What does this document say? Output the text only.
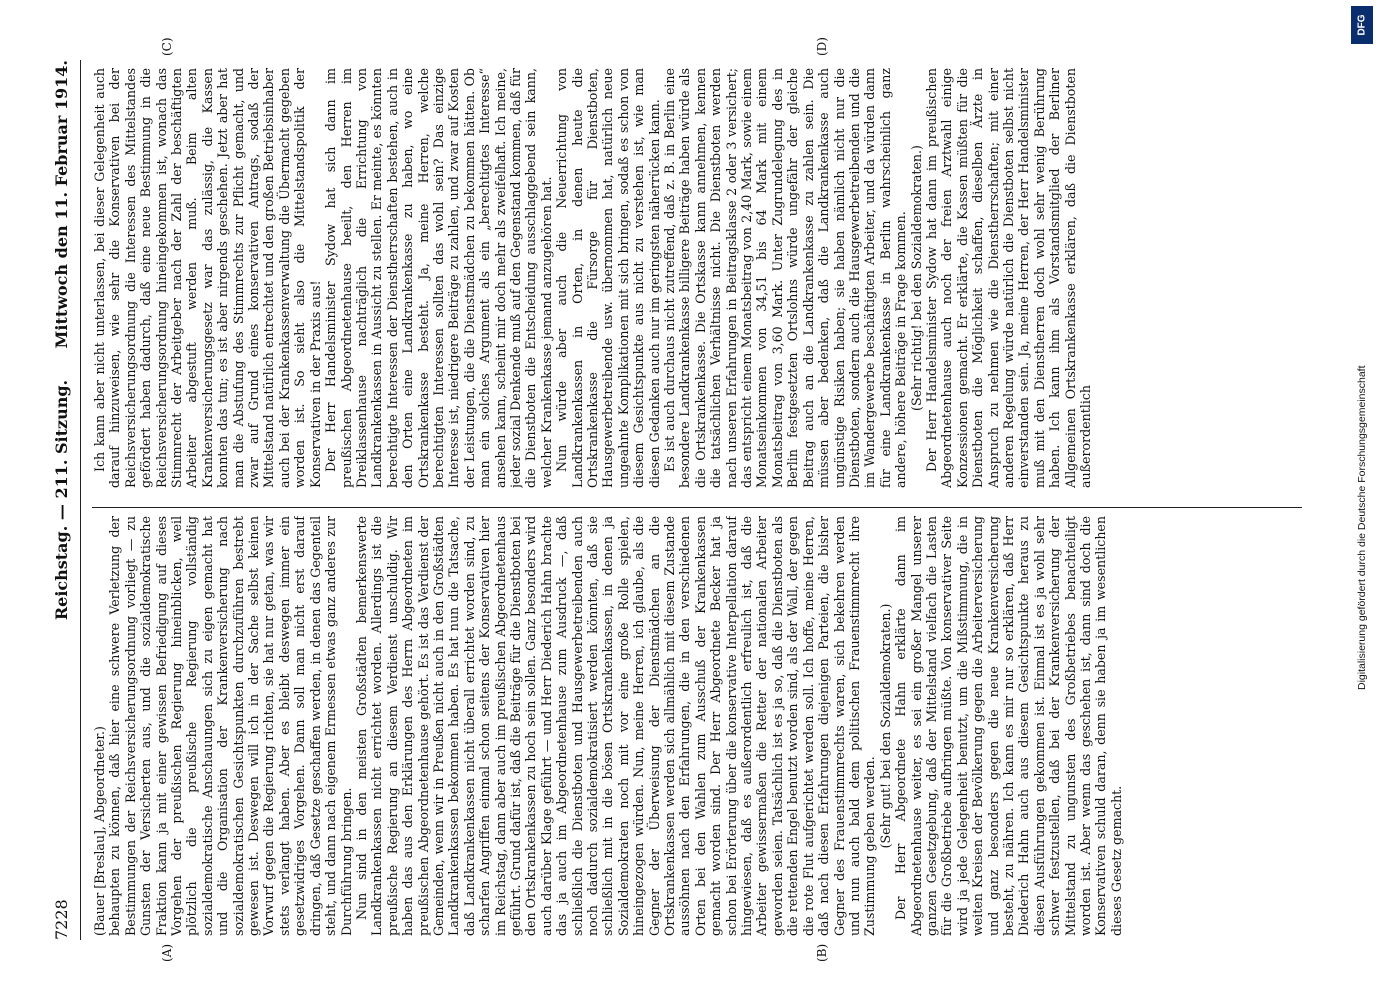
7228
Reichstag. — 211. Sitzung.
Mittwoch den 11. Februar 1914.
(A)	(B)
(C)	(D)

(Bauer [Breslau], Abgeordneter.) behaupten zu können, daß hier eine schwere Verletzung der Bestimmungen der Reichsversicherungsordnung vorliegt — zu Gunsten der Versicherten aus, und die sozialdemokratische Fraktion kann ja mit einer gewissen Befriedigung auf dieses Vorgehen der preußischen Regierung hineinblicken, weil plötzlich die preußische Regierung vollständig sozialdemokratische Anschauungen sich zu eigen gemacht hat und die Organisation der Krankenversicherung nach sozialdemokratischen Gesichtspunkten durchzuführen bestrebt gewesen ist. Deswegen will ich in der Sache selbst keinen Vorwurf gegen die Regierung richten, sie hat nur getan, was wir stets verlangt haben. Aber es bleibt deswegen immer ein gesetzwidriges Vorgehen. Dann soll man nicht erst darauf dringen, daß Gesetze geschaffen werden, in denen das Gegenteil steht, und dann nach eigenem Ermessen etwas ganz anderes zur Durchführung bringen. Nun sind in den meisten Großstädten bemerkenswerte Landkrankenkassen nicht errichtet worden. Allerdings ist die preußische Regierung an diesem Verdienst unschuldig. Wir haben das aus den Erklärungen des Herrn Abgeordneten im preußischen Abgeordnetenhause gehört. Es ist das Verdienst der Gemeinden, wenn wir in Preußen nicht auch in den Großstädten Landkrankenkassen bekommen haben. Es hat nun die Tatsache, daß Landkrankenkassen nicht überall errichtet worden sind, zu scharfen Angriffen einmal schon seitens der Konservativen hier im Reichstag, dann aber auch im preußischen Abgeordnetenhaus geführt. Grund dafür ist, daß die Beiträge für die Dienstboten bei den Ortskrankenkassen zu hoch sein sollen. Ganz besonders wird auch darüber Klage geführt — und Herr Diederich Hahn brachte das ja auch im Abgeordnetenhause zum Ausdruck —, daß schließlich die Dienstboten und Hausgewerbetreibenden auch noch dadurch sozialdemokratisiert werden könnten, daß sie schließlich mit in die bösen Ortskrankenkassen, in denen ja Sozialdemokraten noch mit vor eine große Rolle spielen, hineingezogen würden. Nun, meine Herren, ich glaube, als die Gegner der Überweisung der Dienstmädchen an die Ortskrankenkassen werden sich allmählich mit diesem Zustande aussöhnen nach den Erfahrungen, die in den verschiedenen Orten bei den Wahlen zum Ausschuß der Krankenkassen gemacht worden sind. Der Herr Abgeordnete Becker hat ja schon bei Erörterung über die konservative Interpellation darauf hingewiesen, daß es außerordentlich erfreulich ist, daß die Arbeiter gewissermaßen die Retter der nationalen Arbeiter geworden seien. Tatsächlich ist es ja so, daß die Dienstboten als die rettenden Engel benutzt worden sind, als der Wall, der gegen die rote Flut aufgerichtet werden soll. Ich hoffe, meine Herren, daß nach diesen Erfahrungen diejenigen Parteien, die bisher Gegner des Frauenstimmrechts waren, sich bekehren werden und nun auch bald dem politischen Frauenstimmrecht ihre Zustimmung geben werden. (Sehr gut! bei den Sozialdemokraten.) Der Herr Abgeordnete Hahn erklärte dann im Abgeordnetenhause weiter, es sei ein großer Mangel unserer ganzen Gesetzgebung, daß der Mittelstand vielfach die Lasten für die Großbetriebe aufbringen müßte. Von konservativer Seite wird ja jede Gelegenheit benutzt, um die Mißstimmung, die in weiten Kreisen der Bevölkerung gegen die Arbeiterversicherung und ganz besonders gegen die neue Krankenversicherung besteht, zu nähren. Ich kann es mir nur so erklären, daß Herr Diederich Hahn auch aus diesem Gesichtspunkte heraus zu diesen Ausführungen gekommen ist. Einmal ist es ja wohl sehr schwer festzustellen, daß bei der Krankenversicherung der Mittelstand zu ungunsten des Großbetriebes benachteiligt worden ist. Aber wenn das geschehen ist, dann sind doch die Konservativen schuld daran, denn sie haben ja im wesentlichen dieses Gesetz gemacht.

Ich kann aber nicht unterlassen, bei dieser Gelegenheit auch darauf hinzuweisen, wie sehr die Konservativen bei der Reichsversicherungsordnung die Interessen des Mittelstandes gefördert haben dadurch, daß eine neue Bestimmung in die Reichsversicherungsordnung hineingekommen ist, wonach das Stimmrecht der Arbeitgeber nach der Zahl der beschäftigten Arbeiter abgestuft werden muß. Beim alten Krankenversicherungsgesetz war das zulässig, die Kassen konnten das tun; es ist aber nirgends geschehen. Jetzt aber hat man die Abstufung des Stimmrechts zur Pflicht gemacht, und zwar auf Grund eines konservativen Antrags, sodaß der Mittelstand natürlich entrechtet und den großen Betriebsinhaber auch bei der Krankenkassenverwaltung die Übermacht gegeben worden ist. So sieht also die Mittelstandspolitik der Konservativen in der Praxis aus! Der Herr Handelsminister Sydow hat sich dann im preußischen Abgeordnetenhause beeilt, den Herren im Dreiklassenhause nachträglich die Errichtung von Landkrankenkassen in Aussicht zu stellen. Er meinte, es könnten berechtigte Interessen der Dienstherrschaften bestehen, auch in den Orten eine Landkrankenkasse zu haben, wo eine Ortskrankenkasse besteht. Ja, meine Herren, welche berechtigten Interessen sollten das wohl sein? Das einzige Interesse ist, niedrigere Beiträge zu zahlen, und zwar auf Kosten der Leistungen, die die Dienstmädchen zu bekommen hätten. Ob man ein solches Argument als ein „berechtigtes Interesse“ ansehen kann, scheint mir doch mehr als zweifelhaft. Ich meine, jeder sozial Denkende muß auf den Gegenstand kommen, daß für die Dienstboten die Entscheidung ausschlaggebend sein kann, welcher Krankenkasse jemand anzugehören hat. Nun würde aber auch die Neuerrichtung von Landkrankenkassen in Orten, in denen heute die Ortskrankenkasse die Fürsorge für Dienstboten, Hausgewerbetreibende usw. übernommen hat, natürlich neue ungeahnte Komplikationen mit sich bringen, sodaß es schon von diesem Gesichtspunkte aus nicht zu verstehen ist, wie man diesen Gedanken auch nur im geringsten näherrücken kann. Es ist auch durchaus nicht zutreffend, daß z. B. in Berlin eine besondere Landkrankenkasse billigere Beiträge haben würde als die Ortskrankenkasse. Die Ortskasse kann annehmen, kennen die tatsächlichen Verhältnisse nicht. Die Dienstboten werden nach unseren Erfahrungen in Beitragsklasse 2 oder 3 versichert; das entspricht einem Monatsbeitrag von 2,40 Mark, sowie einem Monatseinkommen von 34,51 bis 64 Mark mit einem Monatsbeitrag von 3,60 Mark. Unter Zugrundelegung des in Berlin festgesetzten Ortslohns würde ungefähr der gleiche Beitrag auch an die Landkrankenkasse zu zahlen sein. Die müssen aber bedenken, daß die Landkrankenkasse auch ungünstige Risiken haben; sie haben nämlich nicht nur die Dienstboten, sondern auch die Hausgewerbetreibenden und die im Wandergewerbe beschäftigten Arbeiter, und da würden dann für eine Landkrankenkasse in Berlin wahrscheinlich ganz andere, höhere Beiträge in Frage kommen. (Sehr richtig! bei den Sozialdemokraten.) Der Herr Handelsminister Sydow hat dann im preußischen Abgeordnetenhause auch noch der freien Arztwahl einige Konzessionen gemacht. Er erklärte, die Kassen müßten für die Dienstboten die Möglichkeit schaffen, dieselben Ärzte in Anspruch zu nehmen wie die Dienstherrschaften; mit einer anderen Regelung würde natürlich die Dienstboten selbst nicht einverstanden sein. Ja, meine Herren, der Herr Handelsminister muß mit den Dienstherren doch wohl sehr wenig Berührung haben. Ich kann ihm als Vorstandsmitglied der Berliner Allgemeinen Ortskrankenkasse erklären, daß die Dienstboten außerordentlich

DFG
Digitalisierung gefördert durch die Deutsche Forschungsgemeinschaft
